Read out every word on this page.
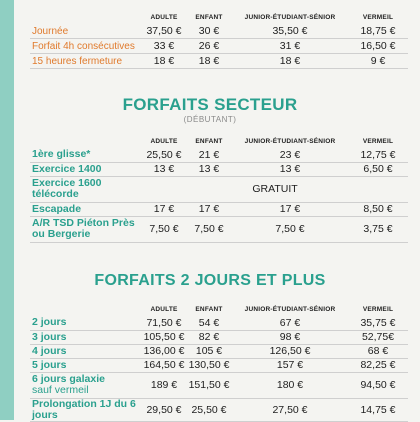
	ADULTE	ENFANT	JUNIOR-ÉTUDIANT-SÉNIOR	VERMEIL
Journée	37,50 €	30 €	35,50 €	18,75 €
Forfait 4h consécutives	33 €	26 €	31 €	16,50 €
15 heures fermeture	18 €	18 €	18 €	9 €
FORFAITS SECTEUR
(DÉBUTANT)
	ADULTE	ENFANT	JUNIOR-ÉTUDIANT-SÉNIOR	VERMEIL
1ère glisse*	25,50 €	21 €	23 €	12,75 €
Exercice 1400	13 €	13 €	13 €	6,50 €
Exercice 1600 télécorde	GRATUIT			
Escapade	17 €	17 €	17 €	8,50 €
A/R TSD Piéton Près ou Bergerie	7,50 €	7,50 €	7,50 €	3,75 €
FORFAITS 2 JOURS ET PLUS
	ADULTE	ENFANT	JUNIOR-ÉTUDIANT-SÉNIOR	VERMEIL
2 jours	71,50 €	54 €	67 €	35,75 €
3 jours	105,50 €	82 €	98 €	52,75€
4 jours	136,00 €	105 €	126,50 €	68 €
5 jours	164,50 €	130,50 €	157 €	82,25 €
6 jours galaxie
sauf vermeil	189 €	151,50 €	180 €	94,50 €
Prolongation 1J du 6 jours	29,50 €	25,50 €	27,50 €	14,75 €
